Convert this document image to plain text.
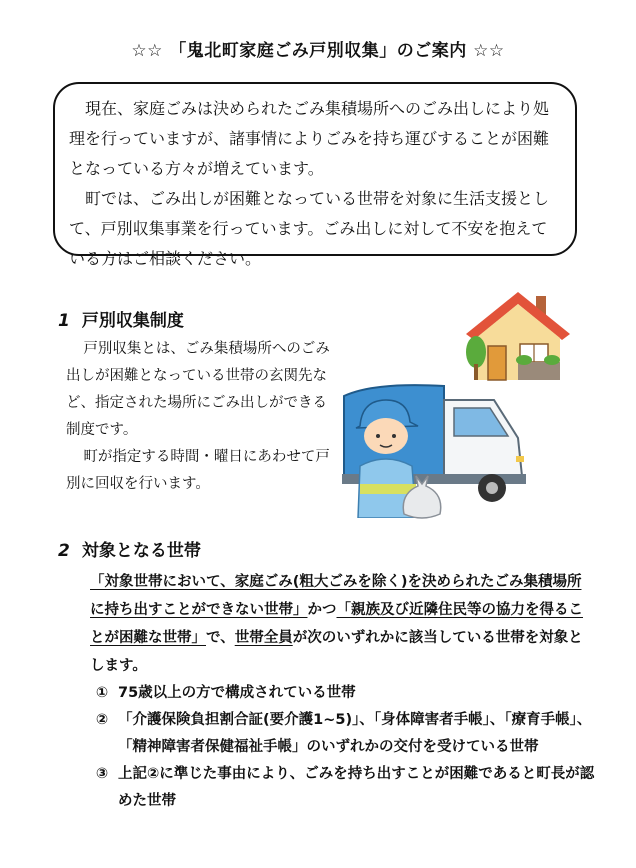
☆☆ 「鬼北町家庭ごみ戸別収集」のご案内 ☆☆

現在、家庭ごみは決められたごみ集積場所へのごみ出しにより処理を行っていますが、諸事情によりごみを持ち運びすることが困難となっている方々が増えています。

町では、ごみ出しが困難となっている世帯を対象に生活支援として、戸別収集事業を行っています。ごみ出しに対して不安を抱えている方はご相談ください。

1 戸別収集制度

戸別収集とは、ごみ集積場所へのごみ出しが困難となっている世帯の玄関先など、指定された場所にごみ出しができる制度です。

町が指定する時間・曜日にあわせて戸別に回収を行います。

2 対象となる世帯
「対象世帯において、家庭ごみ(粗大ごみを除く)を決められたごみ集積場所に持ち出すことができない世帯」かつ「親族及び近隣住民等の協力を得ることが困難な世帯」で、世帯全員が次のいずれかに該当している世帯を対象とします。
① 75歳以上の方で構成されている世帯
② 「介護保険負担割合証(要介護1~5)」、「身体障害者手帳」、「療育手帳」、「精神障害者保健福祉手帳」のいずれかの交付を受けている世帯
③ 上記②に準じた事由により、ごみを持ち出すことが困難であると町長が認めた世帯
